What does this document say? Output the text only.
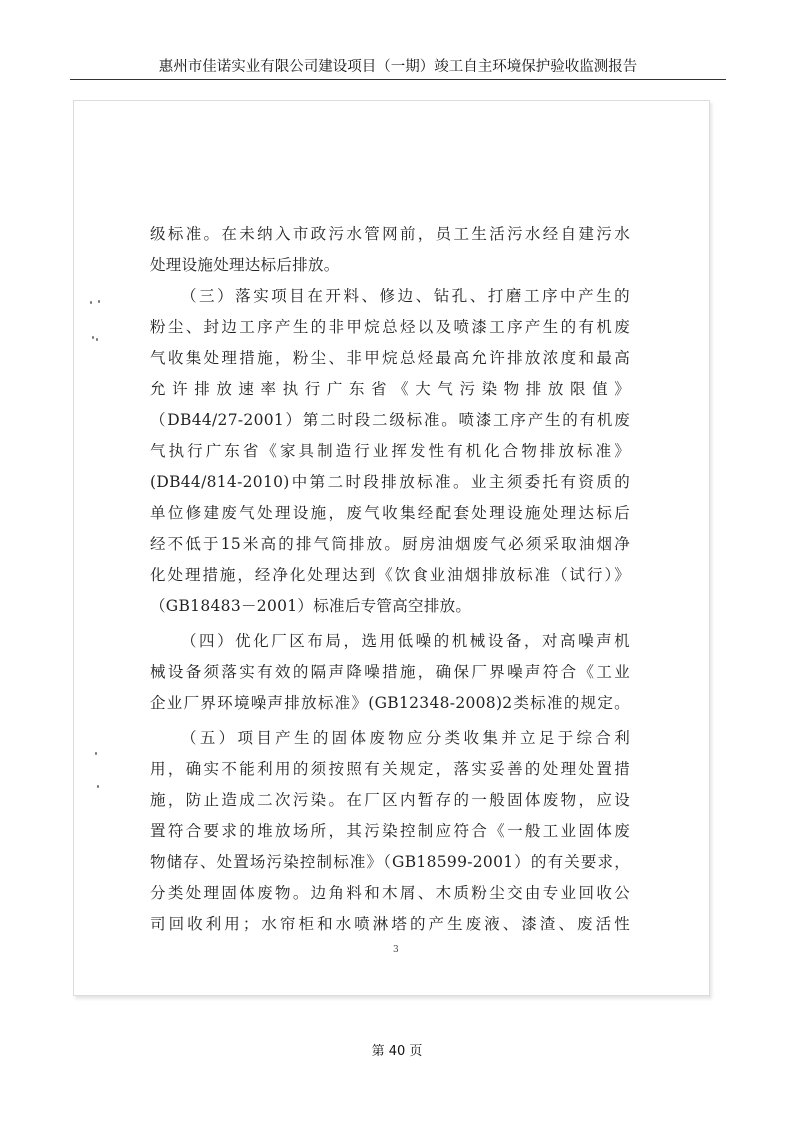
惠州市佳诺实业有限公司建设项目（一期）竣工自主环境保护验收监测报告
级标准。在未纳入市政污水管网前，员工生活污水经自建污水
处理设施处理达标后排放。
（三）落实项目在开料、修边、钻孔、打磨工序中产生的
粉尘、封边工序产生的非甲烷总烃以及喷漆工序产生的有机废
气收集处理措施，粉尘、非甲烷总烃最高允许排放浓度和最高
允许排放速率执行广东省《大气污染物排放限值》
（DB44/27-2001）第二时段二级标准。喷漆工序产生的有机废
气执行广东省《家具制造行业挥发性有机化合物排放标准》
(DB44/814-2010)中第二时段排放标准。业主须委托有资质的
单位修建废气处理设施，废气收集经配套处理设施处理达标后
经不低于15米高的排气筒排放。厨房油烟废气必须采取油烟净
化处理措施，经净化处理达到《饮食业油烟排放标准（试行）》
（GB18483－2001）标准后专管高空排放。
（四）优化厂区布局，选用低噪的机械设备，对高噪声机
械设备须落实有效的隔声降噪措施，确保厂界噪声符合《工业
企业厂界环境噪声排放标准》(GB12348-2008)2类标准的规定。
（五）项目产生的固体废物应分类收集并立足于综合利
用，确实不能利用的须按照有关规定，落实妥善的处理处置措
施，防止造成二次污染。在厂区内暂存的一般固体废物，应设
置符合要求的堆放场所，其污染控制应符合《一般工业固体废
物储存、处置场污染控制标准》（GB18599-2001）的有关要求，
分类处理固体废物。边角料和木屑、木质粉尘交由专业回收公
司回收利用；水帘柜和水喷淋塔的产生废液、漆渣、废活性
3
第 40 页
